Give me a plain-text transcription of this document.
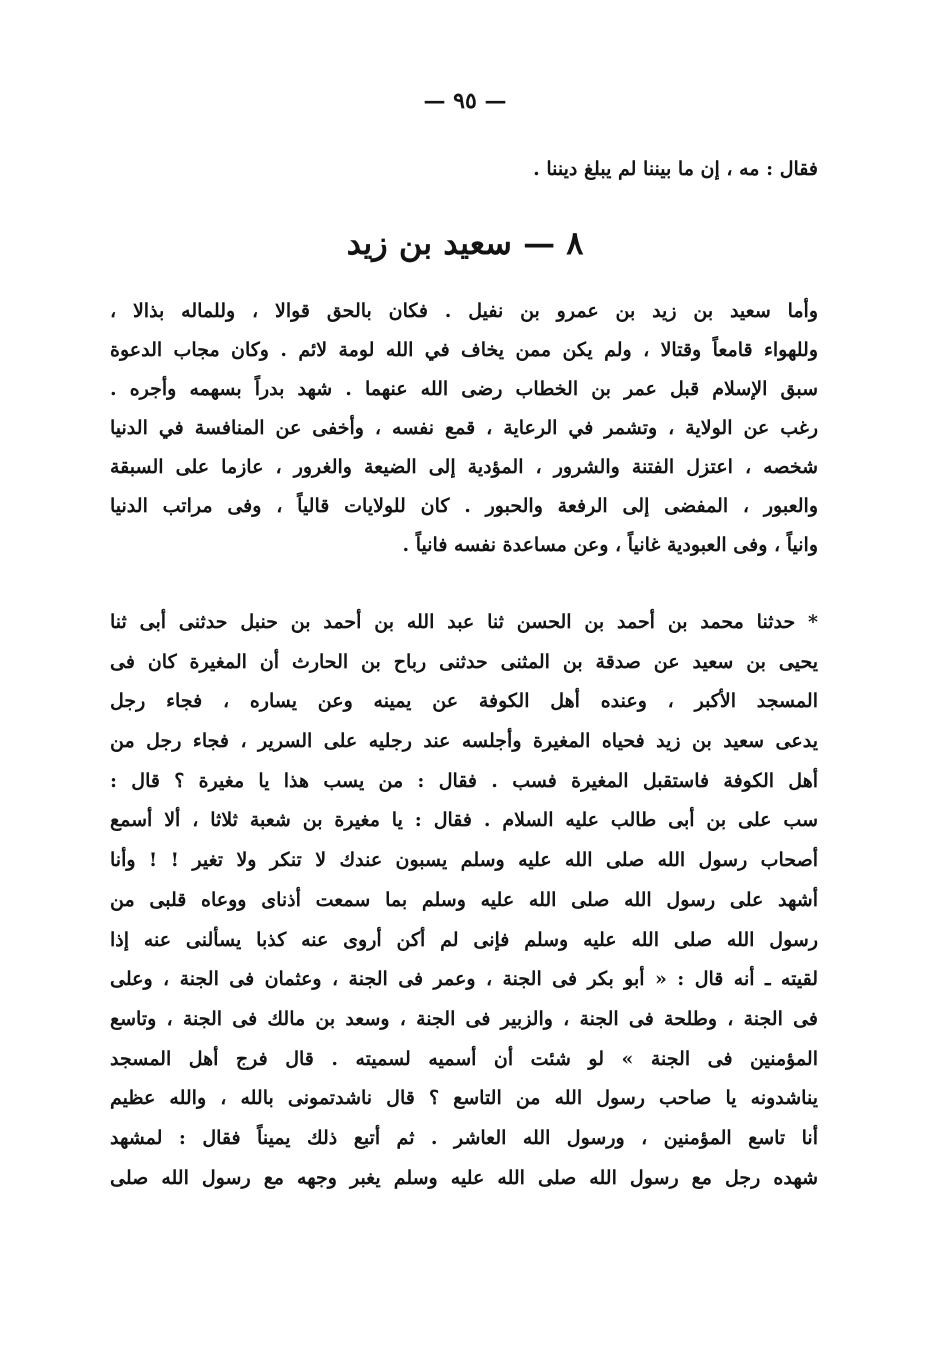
— ٩٥ —
فقال : مه ، إن ما بيننا لم يبلغ ديننا .
٨ — سعيد بن زيد
وأما سعيد بن زيد بن عمرو بن نفيل . فكان بالحق قوالا ، وللماله بذالا ،
وللهواء قامعاً وقتالا ، ولم يكن ممن يخاف في الله لومة لائم . وكان مجاب الدعوة
سبق الإسلام قبل عمر بن الخطاب رضى الله عنهما . شهد بدراً بسهمه وأجره .
رغب عن الولاية ، وتشمر في الرعاية ، قمع نفسه ، وأخفى عن المنافسة في الدنيا
شخصه ، اعتزل الفتنة والشرور ، المؤدية إلى الضيعة والغرور ، عازما على السبقة
والعبور ، المفضى إلى الرفعة والحبور . كان للولايات قالياً ، وفى مراتب الدنيا
وانياً ، وفى العبودية غانياً ، وعن مساعدة نفسه فانياً .
* حدثنا محمد بن أحمد بن الحسن ثنا عبد الله بن أحمد بن حنبل حدثنى أبى ثنا
يحيى بن سعيد عن صدقة بن المثنى حدثنى رباح بن الحارث أن المغيرة كان فى
المسجد الأكبر ، وعنده أهل الكوفة عن يمينه وعن يساره ، فجاء رجل
يدعى سعيد بن زيد فحياه المغيرة وأجلسه عند رجليه على السرير ، فجاء رجل من
أهل الكوفة فاستقبل المغيرة فسب . فقال : من يسب هذا يا مغيرة ؟ قال :
سب على بن أبى طالب عليه السلام . فقال : يا مغيرة بن شعبة ثلاثا ، ألا أسمع
أصحاب رسول الله صلى الله عليه وسلم يسبون عندك لا تنكر ولا تغير ! ! وأنا
أشهد على رسول الله صلى الله عليه وسلم بما سمعت أذناى ووعاه قلبى من
رسول الله صلى الله عليه وسلم فإنى لم أكن أروى عنه كذبا يسألنى عنه إذا
لقيته ـ أنه قال : « أبو بكر فى الجنة ، وعمر فى الجنة ، وعثمان فى الجنة ، وعلى
فى الجنة ، وطلحة فى الجنة ، والزبير فى الجنة ، وسعد بن مالك فى الجنة ، وتاسع
المؤمنين فى الجنة » لو شئت أن أسميه لسميته . قال فرج أهل المسجد
يناشدونه يا صاحب رسول الله من التاسع ؟ قال ناشدتمونى بالله ، والله عظيم
أنا تاسع المؤمنين ، ورسول الله العاشر . ثم أتبع ذلك يميناً فقال : لمشهد
شهده رجل مع رسول الله صلى الله عليه وسلم يغبر وجهه مع رسول الله صلى
